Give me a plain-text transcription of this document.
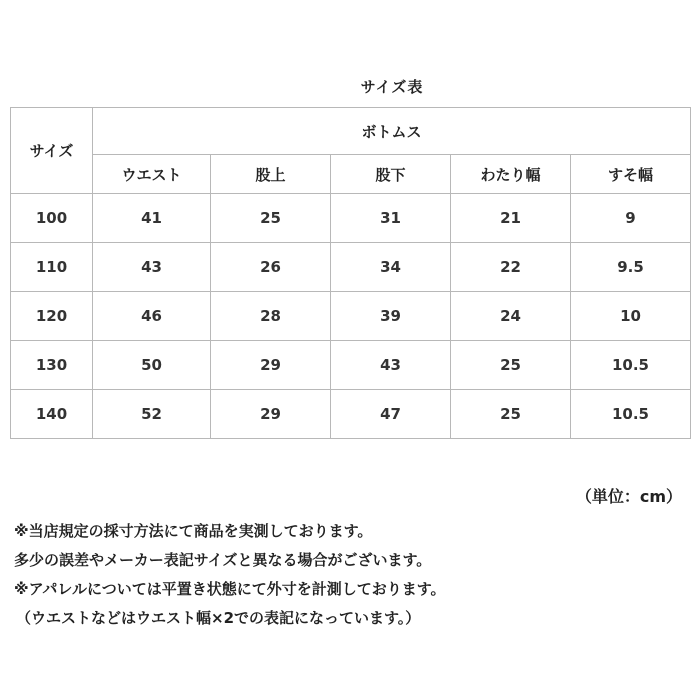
サイズ表
サイズ	ボトムス				
	ウエスト	股上	股下	わたり幅	すそ幅
100	41	25	31	21	9
110	43	26	34	22	9.5
120	46	28	39	24	10
130	50	29	43	25	10.5
140	52	29	47	25	10.5
（単位：cm）
※当店規定の採寸方法にて商品を実測しております。
多少の誤差やメーカー表記サイズと異なる場合がございます。
※アパレルについては平置き状態にて外寸を計測しております。
（ウエストなどはウエスト幅×2での表記になっています。）
